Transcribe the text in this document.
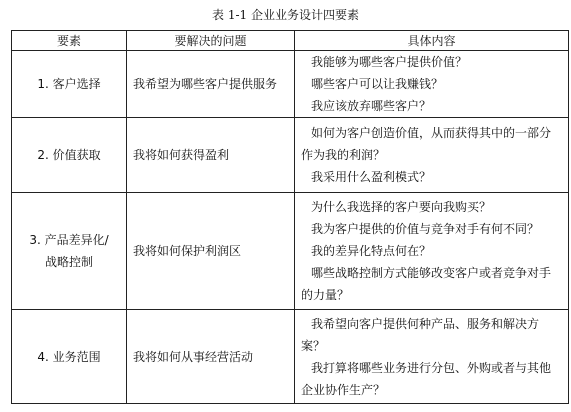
表 1-1 企业业务设计四要素
要素	要解决的问题	具体内容

1. 客户选择	我希望为哪些客户提供服务	我能够为哪些客户提供价值？
哪些客户可以让我赚钱？
我应该放弃哪些客户？

2. 价值获取	我将如何获得盈利	如何为客户创造价值，从而获得其中的一部分作为我的利润？
我采用什么盈利模式？

3. 产品差异化/
战略控制	我将如何保护利润区	为什么我选择的客户要向我购买？
我为客户提供的价值与竞争对手有何不同？
我的差异化特点何在？
哪些战略控制方式能够改变客户或者竞争对手的力量？

4. 业务范围	我将如何从事经营活动	我希望向客户提供何种产品、服务和解决方案？
我打算将哪些业务进行分包、外购或者与其他企业协作生产？
